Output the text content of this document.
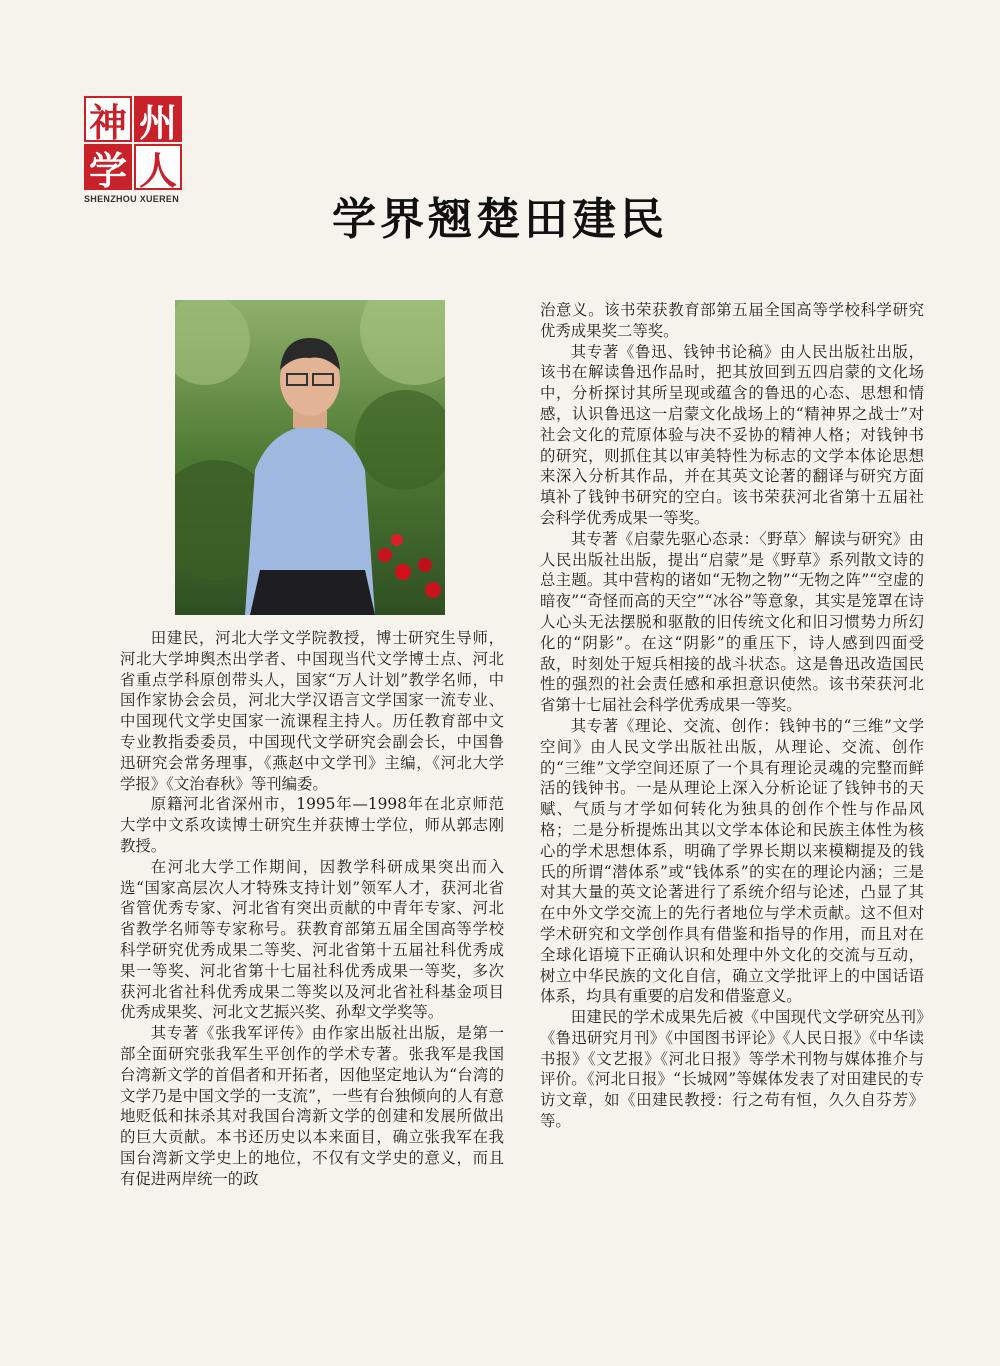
神 州
学 人
SHENZHOU XUEREN	学界翘楚田建民

田建民，河北大学文学院教授，博士研究生导师，河北大学坤舆杰出学者、中国现当代文学博士点、河北省重点学科原创带头人，国家“万人计划”教学名师，中国作家协会会员，河北大学汉语言文学国家一流专业、中国现代文学史国家一流课程主持人。历任教育部中文专业教指委委员，中国现代文学研究会副会长，中国鲁迅研究会常务理事，《燕赵中文学刊》主编，《河北大学学报》《文治春秋》等刊编委。

原籍河北省深州市，1995年—1998年在北京师范大学中文系攻读博士研究生并获博士学位，师从郭志刚教授。

在河北大学工作期间，因教学科研成果突出而入选“国家高层次人才特殊支持计划”领军人才，获河北省省管优秀专家、河北省有突出贡献的中青年专家、河北省教学名师等专家称号。获教育部第五届全国高等学校科学研究优秀成果二等奖、河北省第十五届社科优秀成果一等奖、河北省第十七届社科优秀成果一等奖，多次获河北省社科优秀成果二等奖以及河北省社科基金项目优秀成果奖、河北文艺振兴奖、孙犁文学奖等。

其专著《张我军评传》由作家出版社出版，是第一部全面研究张我军生平创作的学术专著。张我军是我国台湾新文学的首倡者和开拓者，因他坚定地认为“台湾的文学乃是中国文学的一支流”，一些有台独倾向的人有意地贬低和抹杀其对我国台湾新文学的创建和发展所做出的巨大贡献。本书还历史以本来面目，确立张我军在我国台湾新文学史上的地位，不仅有文学史的意义，而且有促进两岸统一的政

治意义。该书荣获教育部第五届全国高等学校科学研究优秀成果奖二等奖。

其专著《鲁迅、钱钟书论稿》由人民出版社出版，该书在解读鲁迅作品时，把其放回到五四启蒙的文化场中，分析探讨其所呈现或蕴含的鲁迅的心态、思想和情感，认识鲁迅这一启蒙文化战场上的“精神界之战士”对社会文化的荒原体验与决不妥协的精神人格；对钱钟书的研究，则抓住其以审美特性为标志的文学本体论思想来深入分析其作品，并在其英文论著的翻译与研究方面填补了钱钟书研究的空白。该书荣获河北省第十五届社会科学优秀成果一等奖。

其专著《启蒙先驱心态录：〈野草〉解读与研究》由人民出版社出版，提出“启蒙”是《野草》系列散文诗的总主题。其中营构的诸如“无物之物”“无物之阵”“空虚的暗夜”“奇怪而高的天空”“冰谷”等意象，其实是笼罩在诗人心头无法摆脱和驱散的旧传统文化和旧习惯势力所幻化的“阴影”。在这“阴影”的重压下，诗人感到四面受敌，时刻处于短兵相接的战斗状态。这是鲁迅改造国民性的强烈的社会责任感和承担意识使然。该书荣获河北省第十七届社会科学优秀成果一等奖。

其专著《理论、交流、创作：钱钟书的“三维”文学空间》由人民文学出版社出版，从理论、交流、创作的“三维”文学空间还原了一个具有理论灵魂的完整而鲜活的钱钟书。一是从理论上深入分析论证了钱钟书的天赋、气质与才学如何转化为独具的创作个性与作品风格；二是分析提炼出其以文学本体论和民族主体性为核心的学术思想体系，明确了学界长期以来模糊提及的钱氏的所谓“潜体系”或“钱体系”的实在的理论内涵；三是对其大量的英文论著进行了系统介绍与论述，凸显了其在中外文学交流上的先行者地位与学术贡献。这不但对学术研究和文学创作具有借鉴和指导的作用，而且对在全球化语境下正确认识和处理中外文化的交流与互动，树立中华民族的文化自信，确立文学批评上的中国话语体系，均具有重要的启发和借鉴意义。

田建民的学术成果先后被《中国现代文学研究丛刊》《鲁迅研究月刊》《中国图书评论》《人民日报》《中华读书报》《文艺报》《河北日报》等学术刊物与媒体推介与评价。《河北日报》“长城网”等媒体发表了对田建民的专访文章，如《田建民教授：行之苟有恒，久久自芬芳》等。
